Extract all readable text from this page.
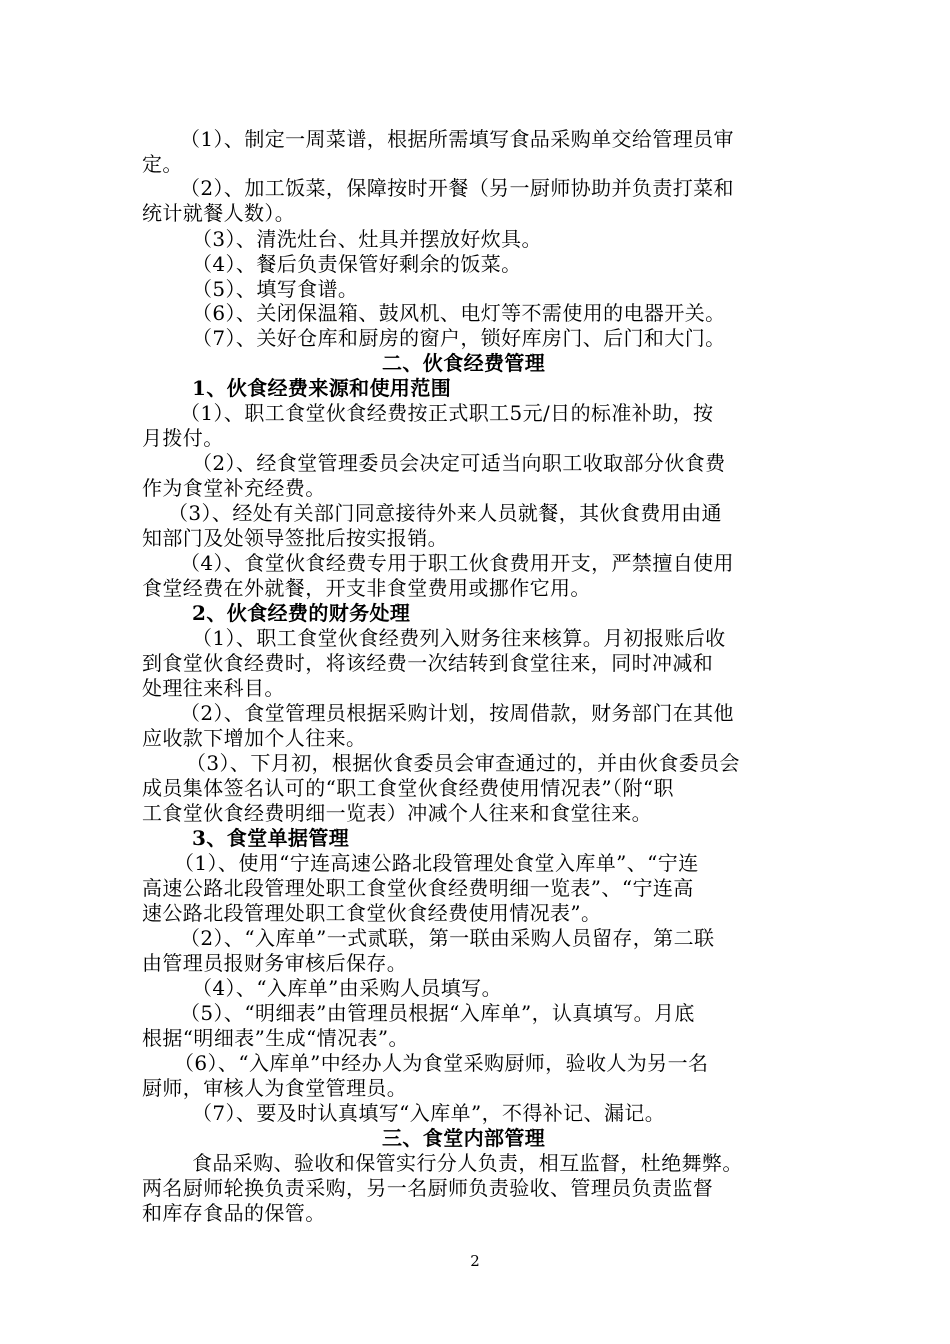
（1）、制定一周菜谱，根据所需填写食品采购单交给管理员审
定。
（2）、加工饭菜，保障按时开餐（另一厨师协助并负责打菜和
统计就餐人数）。
（3）、清洗灶台、灶具并摆放好炊具。
（4）、餐后负责保管好剩余的饭菜。
（5）、填写食谱。
（6）、关闭保温箱、鼓风机、电灯等不需使用的电器开关。
（7）、关好仓库和厨房的窗户，锁好库房门、后门和大门。
二、伙食经费管理
1、伙食经费来源和使用范围
（1）、职工食堂伙食经费按正式职工5元/日的标准补助，按
月拨付。
（2）、经食堂管理委员会决定可适当向职工收取部分伙食费
作为食堂补充经费。
（3）、经处有关部门同意接待外来人员就餐，其伙食费用由通
知部门及处领导签批后按实报销。
（4）、食堂伙食经费专用于职工伙食费用开支，严禁擅自使用
食堂经费在外就餐，开支非食堂费用或挪作它用。
2、伙食经费的财务处理
（1）、职工食堂伙食经费列入财务往来核算。月初报账后收
到食堂伙食经费时，将该经费一次结转到食堂往来，同时冲减和
处理往来科目。
（2）、食堂管理员根据采购计划，按周借款，财务部门在其他
应收款下增加个人往来。
（3）、下月初，根据伙食委员会审查通过的，并由伙食委员会
成员集体签名认可的“职工食堂伙食经费使用情况表”（附“职
工食堂伙食经费明细一览表）冲减个人往来和食堂往来。
3、食堂单据管理
（1）、使用“宁连高速公路北段管理处食堂入库单”、“宁连
高速公路北段管理处职工食堂伙食经费明细一览表”、“宁连高
速公路北段管理处职工食堂伙食经费使用情况表”。
（2）、“入库单”一式贰联，第一联由采购人员留存，第二联
由管理员报财务审核后保存。
（4）、“入库单”由采购人员填写。
（5）、“明细表”由管理员根据“入库单”，认真填写。月底
根据“明细表”生成“情况表”。
（6）、“入库单”中经办人为食堂采购厨师，验收人为另一名
厨师，审核人为食堂管理员。
（7）、要及时认真填写“入库单”，不得补记、漏记。
三、食堂内部管理
食品采购、验收和保管实行分人负责，相互监督，杜绝舞弊。
两名厨师轮换负责采购，另一名厨师负责验收、管理员负责监督
和库存食品的保管。
2
